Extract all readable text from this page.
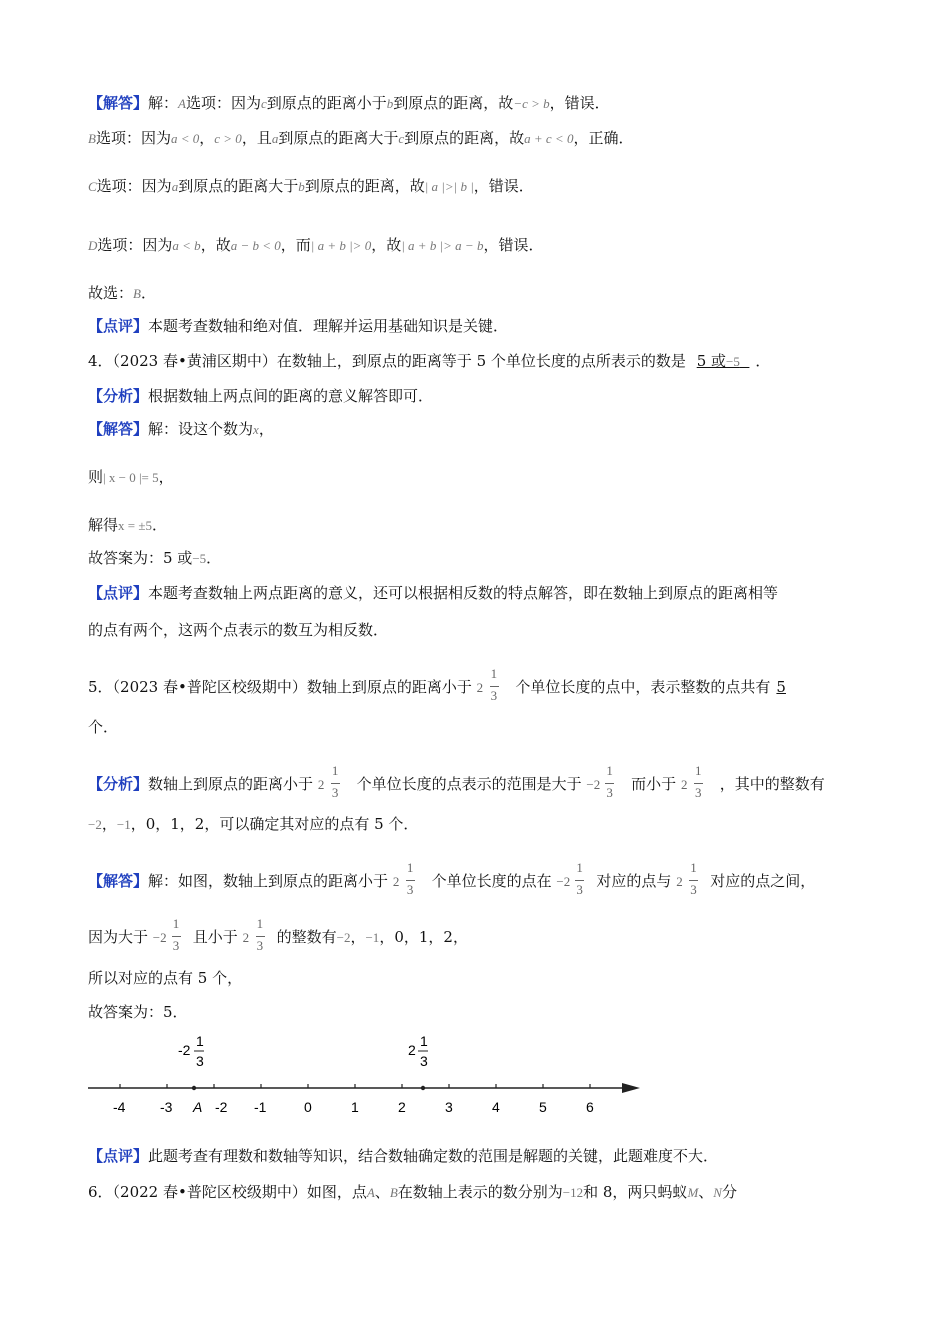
【解答】解：A选项：因为c到原点的距离小于b到原点的距离，故−c > b，错误．
B选项：因为a < 0，c > 0，且a到原点的距离大于c到原点的距离，故a + c < 0，正确．
C选项：因为a到原点的距离大于b到原点的距离，故| a |>| b |，错误．
D选项：因为a < b，故a − b < 0，而| a + b |> 0，故| a + b |> a − b，错误．
故选：B．
【点评】本题考查数轴和绝对值．理解并运用基础知识是关键．
4．（2023 春•黄浦区期中）在数轴上，到原点的距离等于 5 个单位长度的点所表示的数是 5 或−5 ．
【分析】根据数轴上两点间的距离的意义解答即可．
【解答】解：设这个数为x，
则| x − 0 |= 5，
解得x = ±5．
故答案为：5 或−5．
【点评】本题考查数轴上两点距离的意义，还可以根据相反数的特点解答，即在数轴上到原点的距离相等
的点有两个，这两个点表示的数互为相反数．
5．（2023 春•普陀区校级期中）数轴上到原点的距离小于 2
1
3 个单位长度的点中，表示整数的点共有 5
个．
【分析】数轴上到原点的距离小于 2
1
3 个单位长度的点表示的范围是大于 −2
1
3 而小于 2
1
3 ，其中的整数有
−2，−1，0，1，2，可以确定其对应的点有 5 个．
【解答】解：如图，数轴上到原点的距离小于 2
1
3 个单位长度的点在 −2
1
3 对应的点与 2
1
3 对应的点之间，
因为大于 −2
1
3 且小于 2
1
3 的整数有−2，−1，0，1，2，
所以对应的点有 5 个，
故答案为：5．
-4 -3	-2 -1	0	1	2	3	4	5	6
-2
1
3
2
1
3
A
【点评】此题考查有理数和数轴等知识，结合数轴确定数的范围是解题的关键，此题难度不大．
6．（2022 春•普陀区校级期中）如图，点A、B在数轴上表示的数分别为−12和 8，两只蚂蚁M、N分
